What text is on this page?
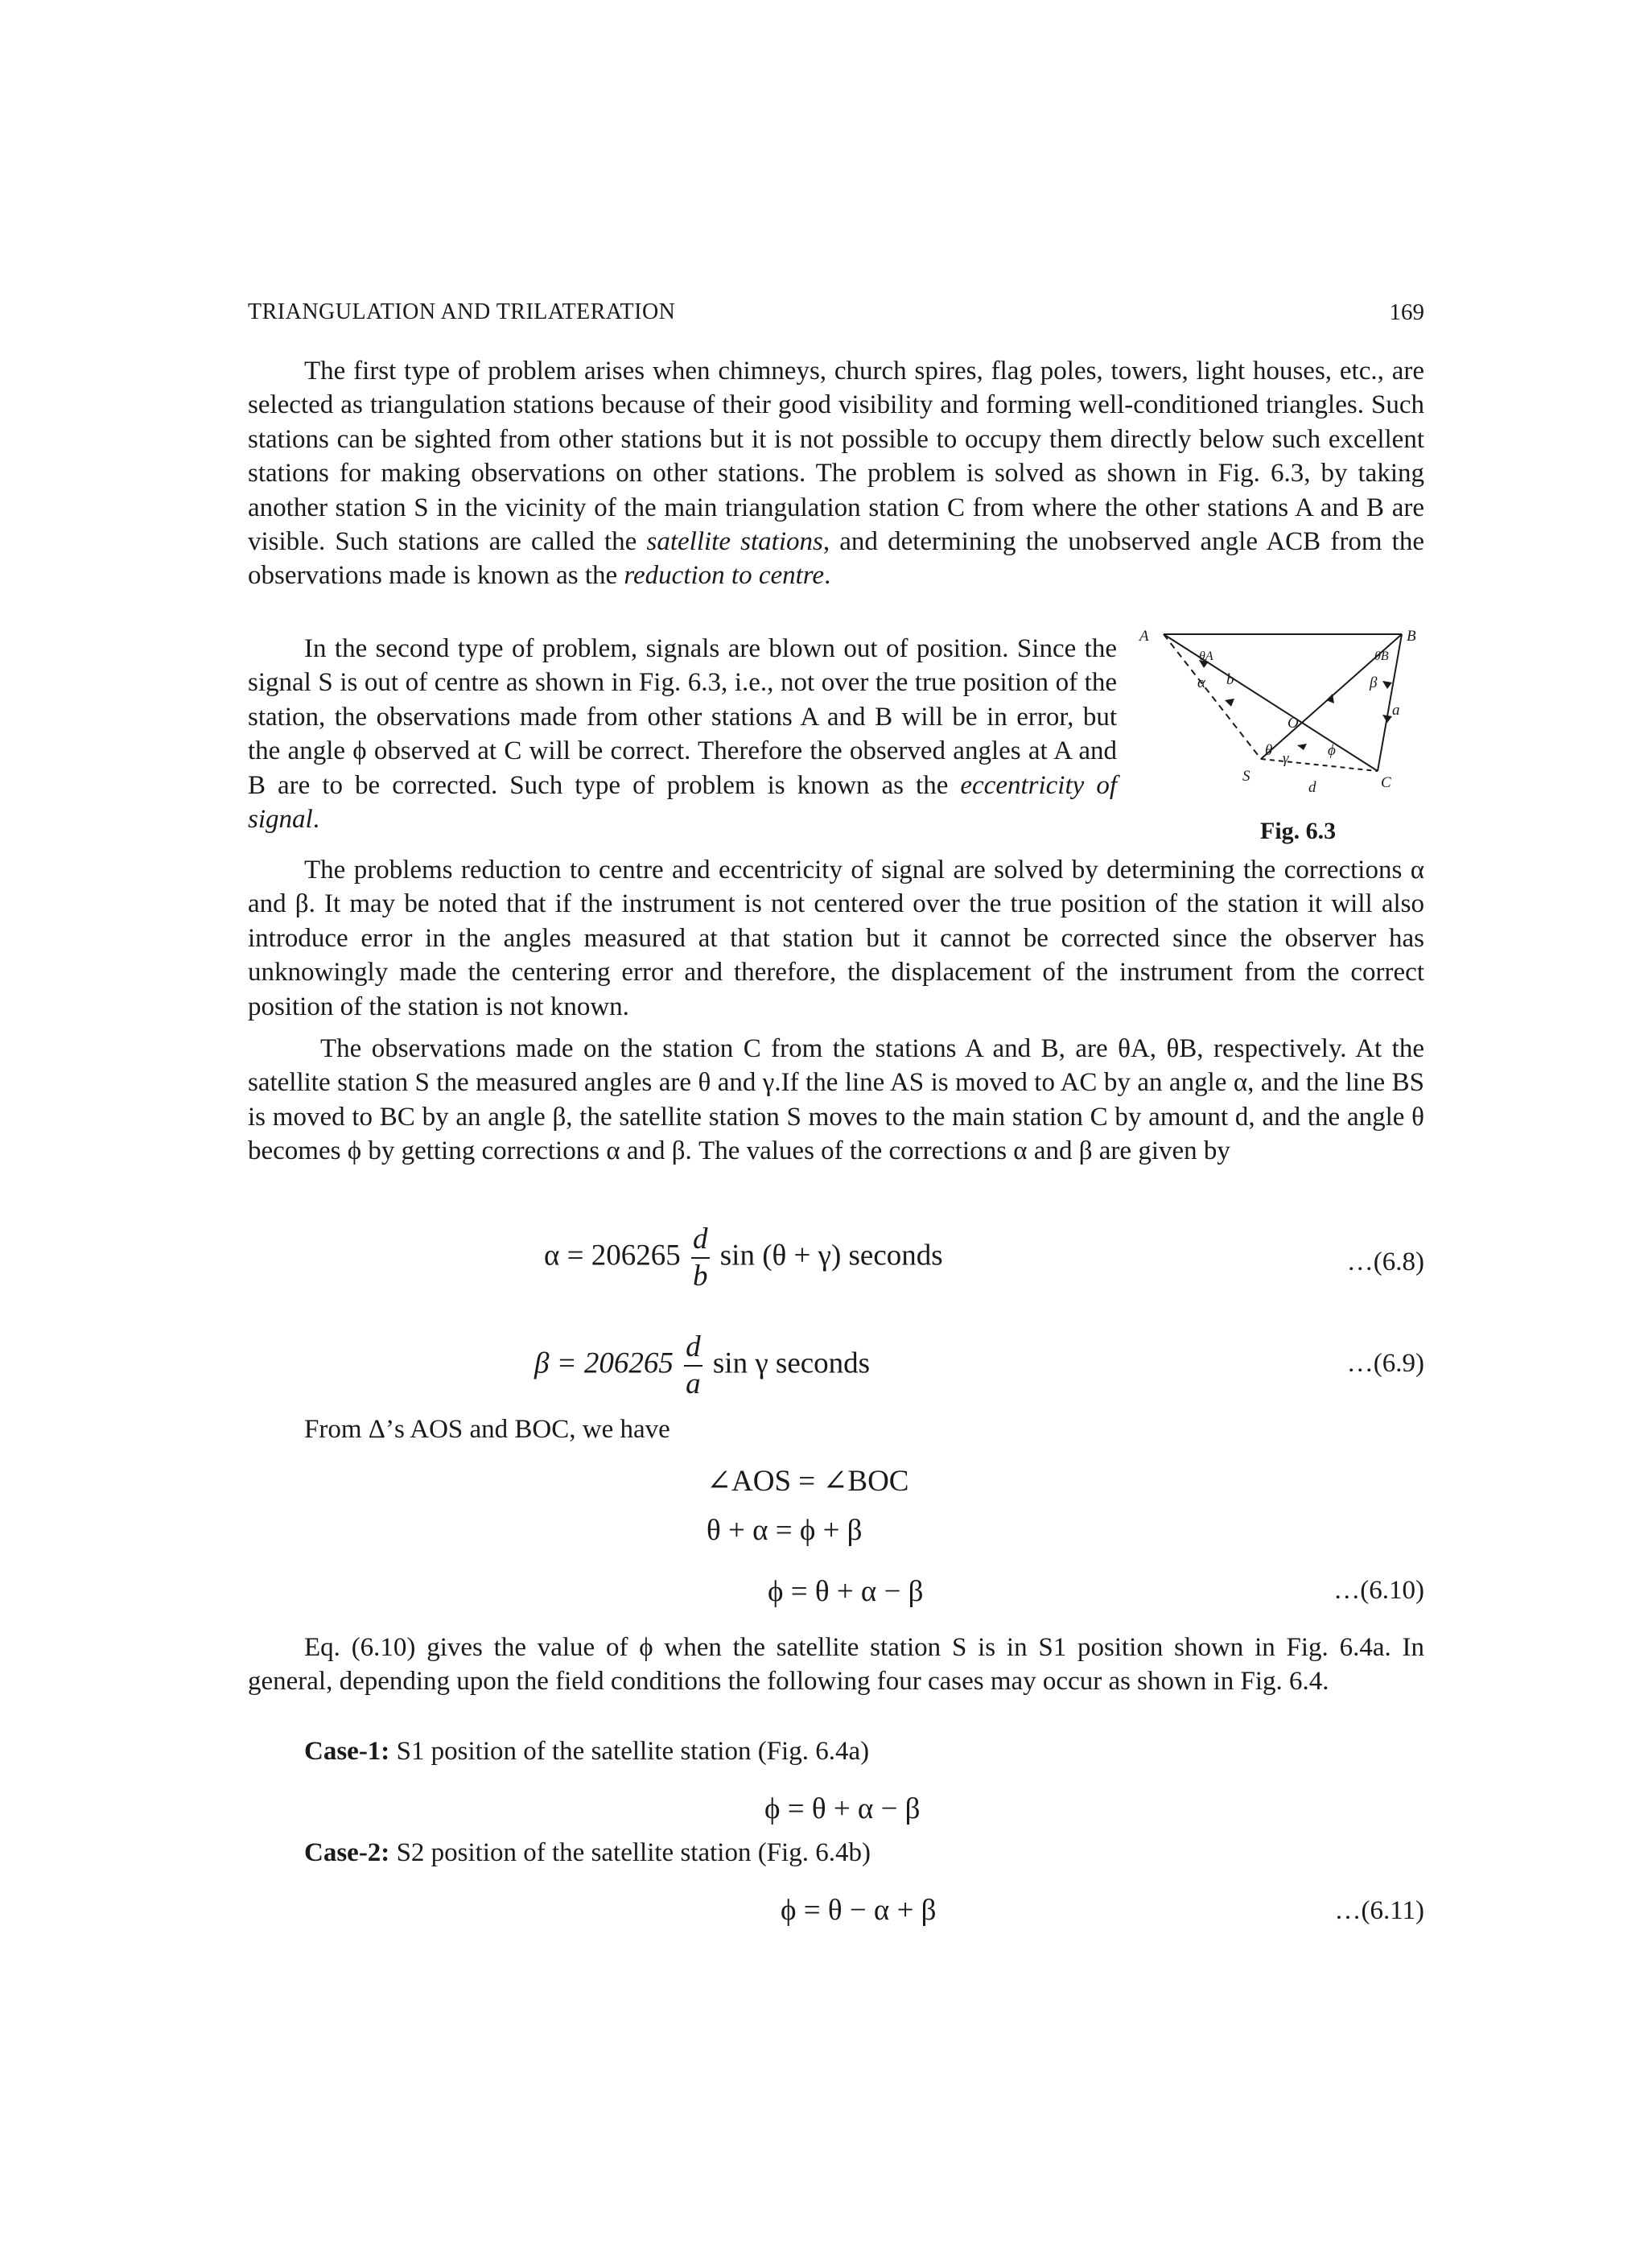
TRIANGULATION AND TRILATERATION	169

The first type of problem arises when chimneys, church spires, flag poles, towers, light houses, etc., are selected as triangulation stations because of their good visibility and forming well-conditioned triangles. Such stations can be sighted from other stations but it is not possible to occupy them directly below such excellent stations for making observations on other stations. The problem is solved as shown in Fig. 6.3, by taking another station S in the vicinity of the main triangulation station C from where the other stations A and B are visible. Such stations are called the satellite stations, and determining the unobserved angle ACB from the observations made is known as the reduction to centre.

In the second type of problem, signals are blown out of position. Since the signal S is out of centre as shown in Fig. 6.3, i.e., not over the true position of the station, the observations made from other stations A and B will be in error, but the angle ϕ observed at C will be correct. Therefore the observed angles at A and B are to be corrected. Such type of problem is known as the eccentricity of signal.

A	B
C
S
O
a
b
d
α	β
θ γ	ϕ
θA	θB
Fig. 6.3

The problems reduction to centre and eccentricity of signal are solved by determining the corrections α and β. It may be noted that if the instrument is not centered over the true position of the station it will also introduce error in the angles measured at that station but it cannot be corrected since the observer has unknowingly made the centering error and therefore, the displacement of the instrument from the correct position of the station is not known.

The observations made on the station C from the stations A and B, are θA, θB, respectively. At the satellite station S the measured angles are θ and γ.If the line AS is moved to AC by an angle α, and the line BS is moved to BC by an angle β, the satellite station S moves to the main station C by amount d, and the angle θ becomes ϕ by getting corrections α and β. The values of the corrections α and β are given by

$\alpha = 206265 \frac{d}{b}$ sin (θ + γ) seconds	…(6.8)
$\beta = 206265 \frac{d}{a}$ sin γ seconds	…(6.9)
From Δ’s AOS and BOC, we have
∠AOS = ∠BOC
θ + α = ϕ + β
ϕ = θ + α − β	…(6.10)

Eq. (6.10) gives the value of ϕ when the satellite station S is in S1 position shown in Fig. 6.4a. In general, depending upon the field conditions the following four cases may occur as shown in Fig. 6.4.

Case-1: S1 position of the satellite station (Fig. 6.4a)
ϕ = θ + α − β
Case-2: S2 position of the satellite station (Fig. 6.4b)
ϕ = θ − α + β	…(6.11)
